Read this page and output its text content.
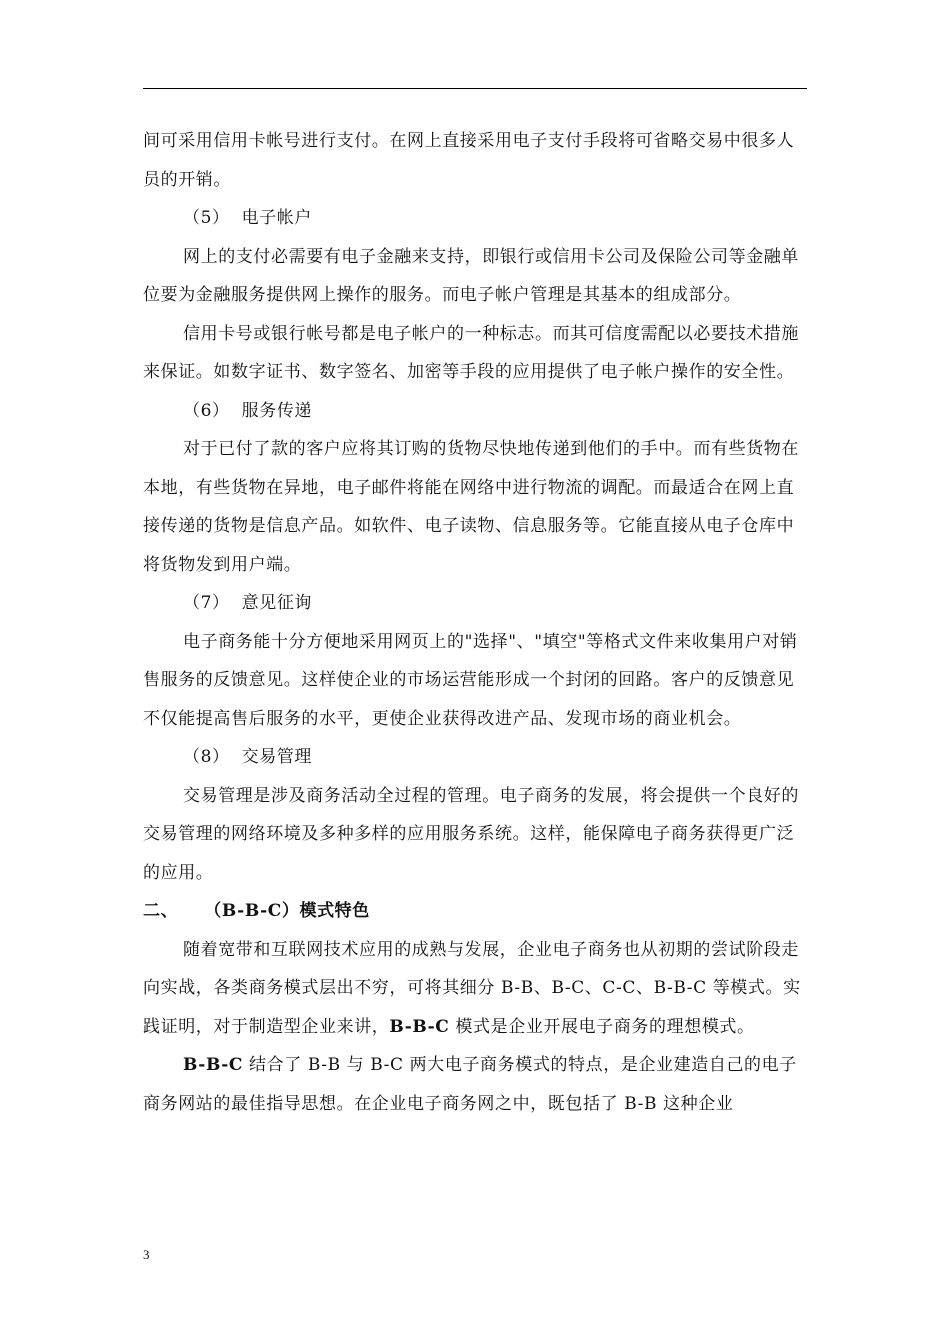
间可采用信用卡帐号进行支付。在网上直接采用电子支付手段将可省略交易中很多人员的开销。

（5）  电子帐户

网上的支付必需要有电子金融来支持，即银行或信用卡公司及保险公司等金融单位要为金融服务提供网上操作的服务。而电子帐户管理是其基本的组成部分。

信用卡号或银行帐号都是电子帐户的一种标志。而其可信度需配以必要技术措施来保证。如数字证书、数字签名、加密等手段的应用提供了电子帐户操作的安全性。

（6）  服务传递

对于已付了款的客户应将其订购的货物尽快地传递到他们的手中。而有些货物在本地，有些货物在异地，电子邮件将能在网络中进行物流的调配。而最适合在网上直接传递的货物是信息产品。如软件、电子读物、信息服务等。它能直接从电子仓库中将货物发到用户端。

（7）  意见征询

电子商务能十分方便地采用网页上的"选择"、"填空"等格式文件来收集用户对销售服务的反馈意见。这样使企业的市场运营能形成一个封闭的回路。客户的反馈意见不仅能提高售后服务的水平，更使企业获得改进产品、发现市场的商业机会。

（8）  交易管理

交易管理是涉及商务活动全过程的管理。电子商务的发展，将会提供一个良好的交易管理的网络环境及多种多样的应用服务系统。这样，能保障电子商务获得更广泛的应用。

二、    （B-B-C）模式特色

随着宽带和互联网技术应用的成熟与发展，企业电子商务也从初期的尝试阶段走向实战，各类商务模式层出不穷，可将其细分 B-B、B-C、C-C、B-B-C 等模式。实践证明，对于制造型企业来讲，B-B-C 模式是企业开展电子商务的理想模式。

B-B-C 结合了 B-B 与 B-C 两大电子商务模式的特点，是企业建造自己的电子商务网站的最佳指导思想。在企业电子商务网之中，既包括了 B-B 这种企业

3
